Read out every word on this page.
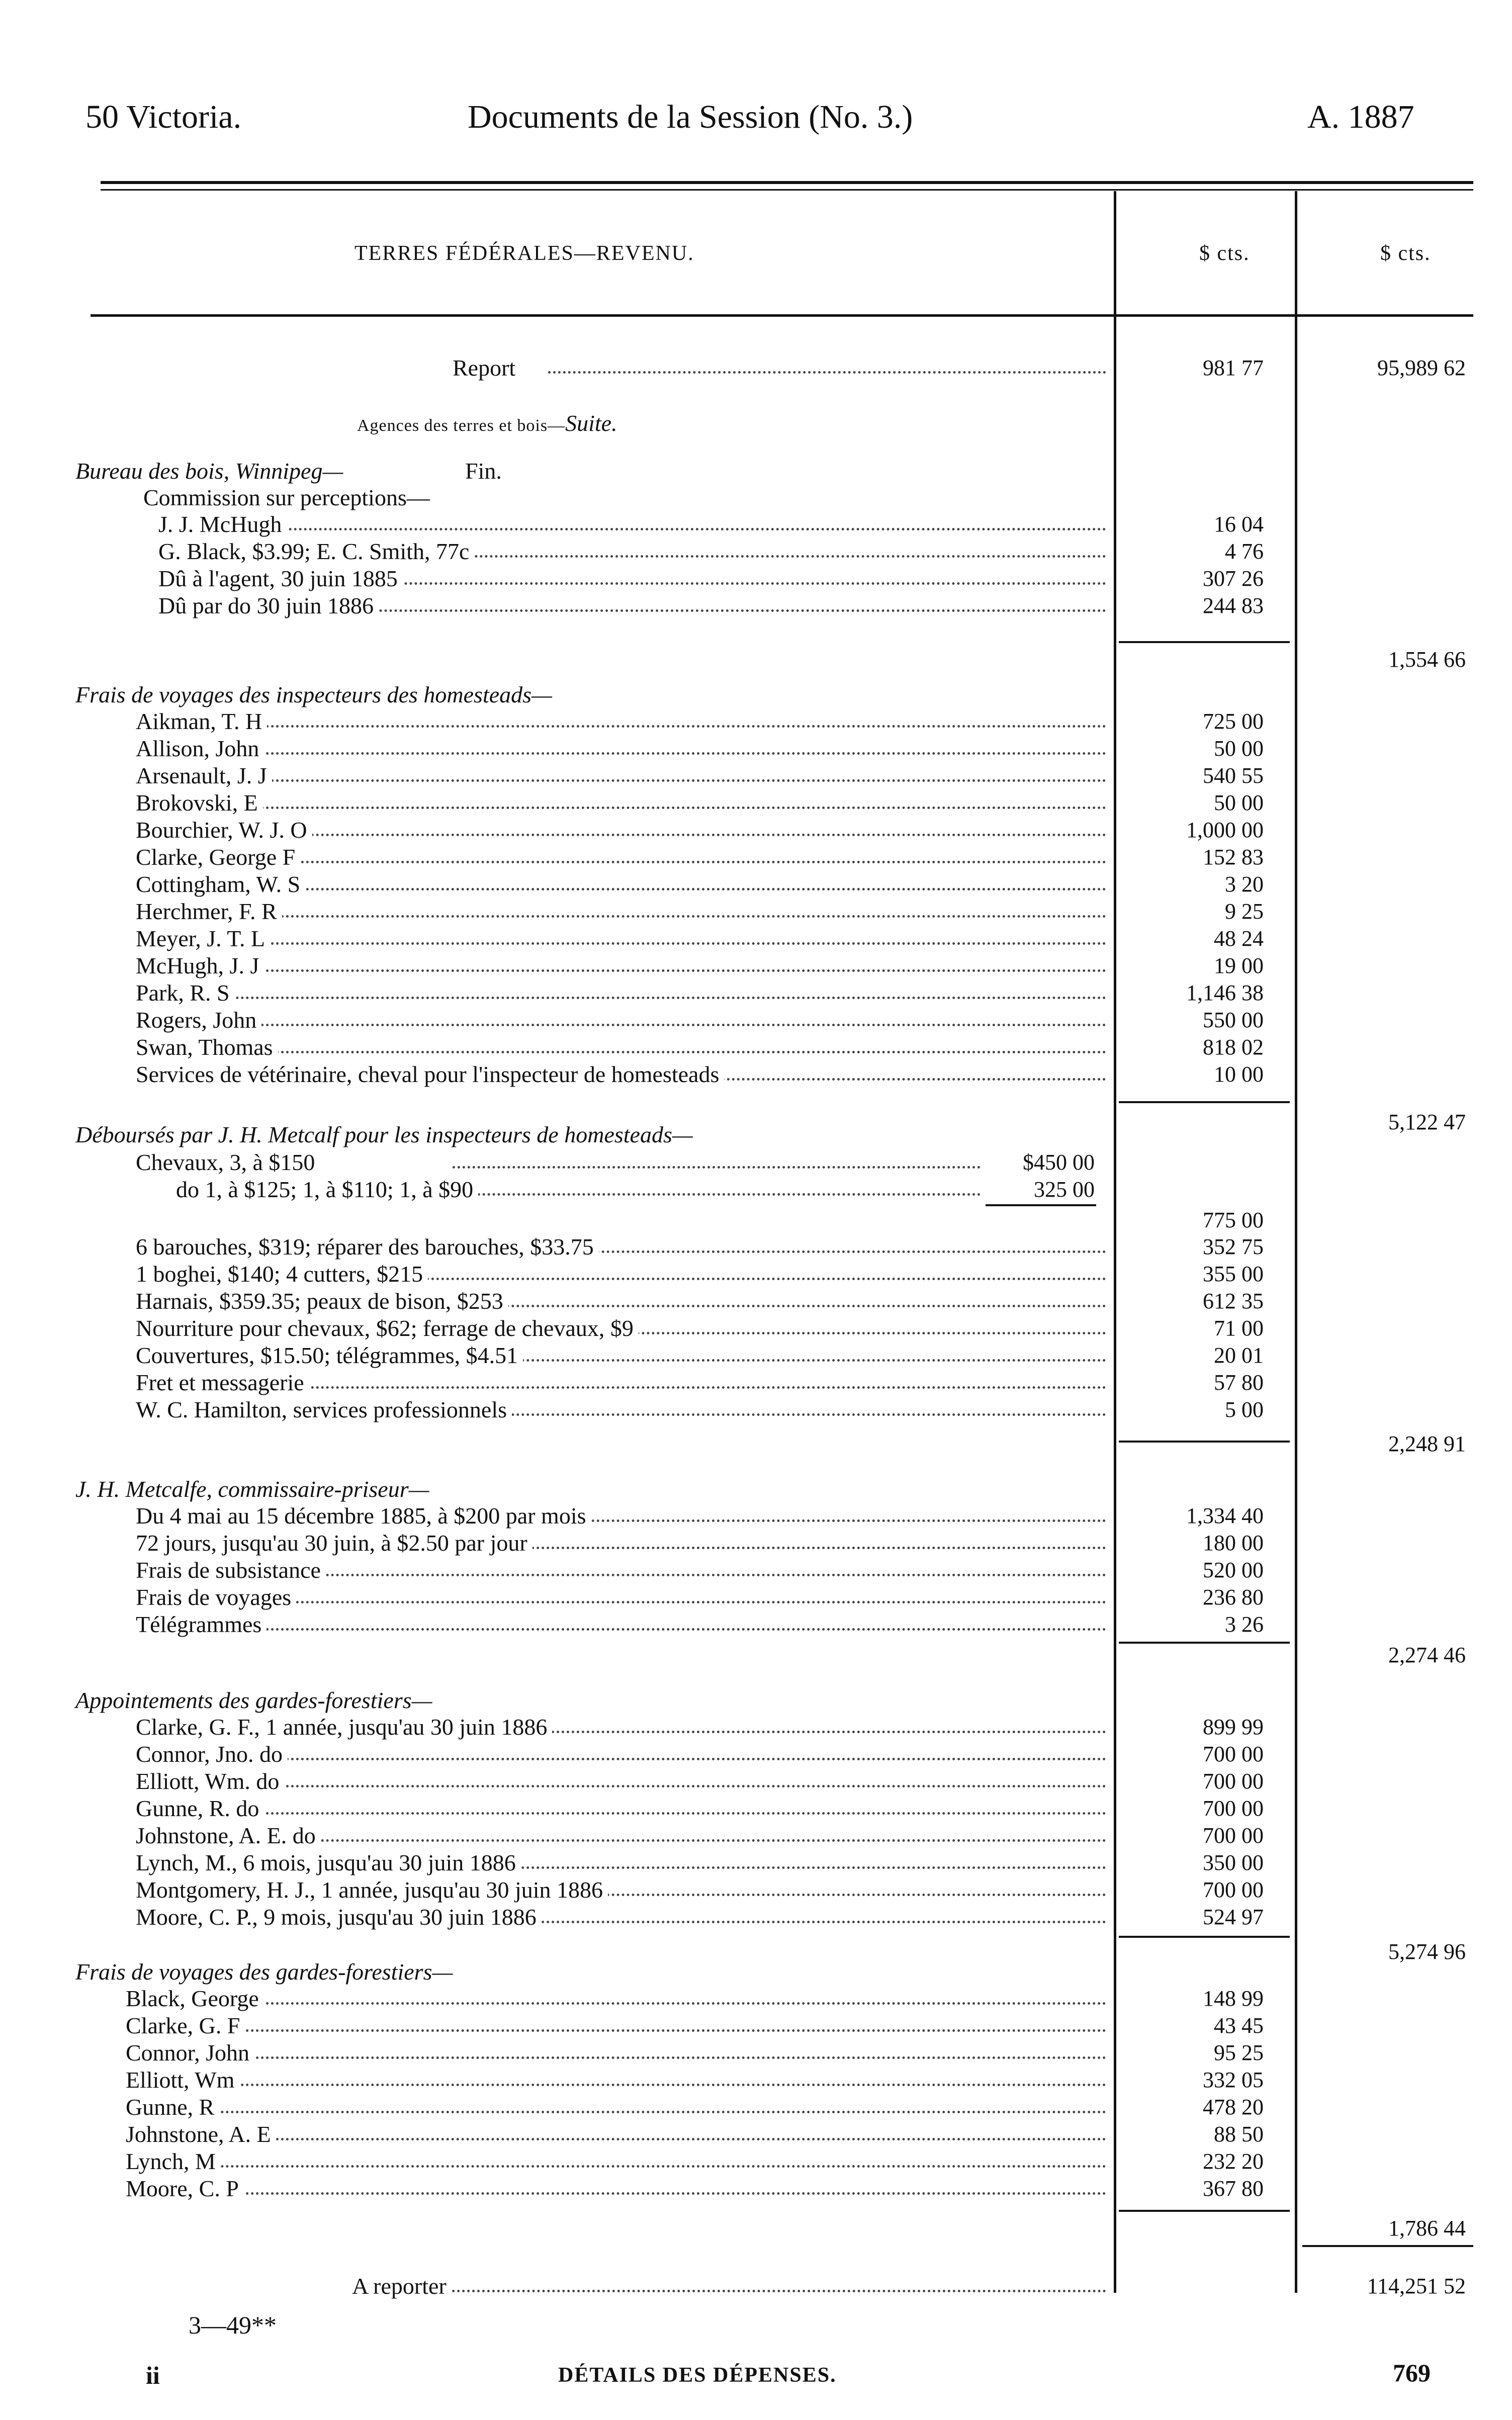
50 Victoria.	Documents de la Session (No. 3.)	A. 1887
TERRES FÉDÉRALES—REVENU.	$ cts.	$ cts.
Report	981 77	95,989 62
Agences des terres et bois—Suite.
Bureau des bois, Winnipeg—	Fin.
Commission sur perceptions—
J. J. McHugh	16 04
G. Black, $3.99; E. C. Smith, 77c	4 76
Dû à l'agent, 30 juin 1885	307 26
Dû par do 30 juin 1886	244 83
1,554 66
Frais de voyages des inspecteurs des homesteads—
Aikman, T. H	725 00
Allison, John	50 00
Arsenault, J. J	540 55
Brokovski, E	50 00
Bourchier, W. J. O	1,000 00
Clarke, George F	152 83
Cottingham, W. S	3 20
Herchmer, F. R	9 25
Meyer, J. T. L	48 24
McHugh, J. J	19 00
Park, R. S	1,146 38
Rogers, John	550 00
Swan, Thomas	818 02
Services de vétérinaire, cheval pour l'inspecteur de homesteads	10 00
5,122 47
Déboursés par J. H. Metcalf pour les inspecteurs de homesteads—
Chevaux, 3, à $150	$450 00
do 1, à $125; 1, à $110; 1, à $90	325 00
775 00
6 barouches, $319; réparer des barouches, $33.75	352 75
1 boghei, $140; 4 cutters, $215	355 00
Harnais, $359.35; peaux de bison, $253	612 35
Nourriture pour chevaux, $62; ferrage de chevaux, $9	71 00
Couvertures, $15.50; télégrammes, $4.51	20 01
Fret et messagerie	57 80
W. C. Hamilton, services professionnels	5 00
2,248 91
J. H. Metcalfe, commissaire-priseur—
Du 4 mai au 15 décembre 1885, à $200 par mois	1,334 40
72 jours, jusqu'au 30 juin, à $2.50 par jour	180 00
Frais de subsistance	520 00
Frais de voyages	236 80
Télégrammes	3 26
2,274 46
Appointements des gardes-forestiers—
Clarke, G. F., 1 année, jusqu'au 30 juin 1886	899 99
Connor, Jno. do	700 00
Elliott, Wm. do	700 00
Gunne, R. do	700 00
Johnstone, A. E. do	700 00
Lynch, M., 6 mois, jusqu'au 30 juin 1886	350 00
Montgomery, H. J., 1 année, jusqu'au 30 juin 1886	700 00
Moore, C. P., 9 mois, jusqu'au 30 juin 1886	524 97
5,274 96
Frais de voyages des gardes-forestiers—
Black, George	148 99
Clarke, G. F	43 45
Connor, John	95 25
Elliott, Wm	332 05
Gunne, R	478 20
Johnstone, A. E	88 50
Lynch, M	232 20
Moore, C. P	367 80
1,786 44
A reporter	114,251 52
3—49**
ii	DÉTAILS DES DÉPENSES.	769
